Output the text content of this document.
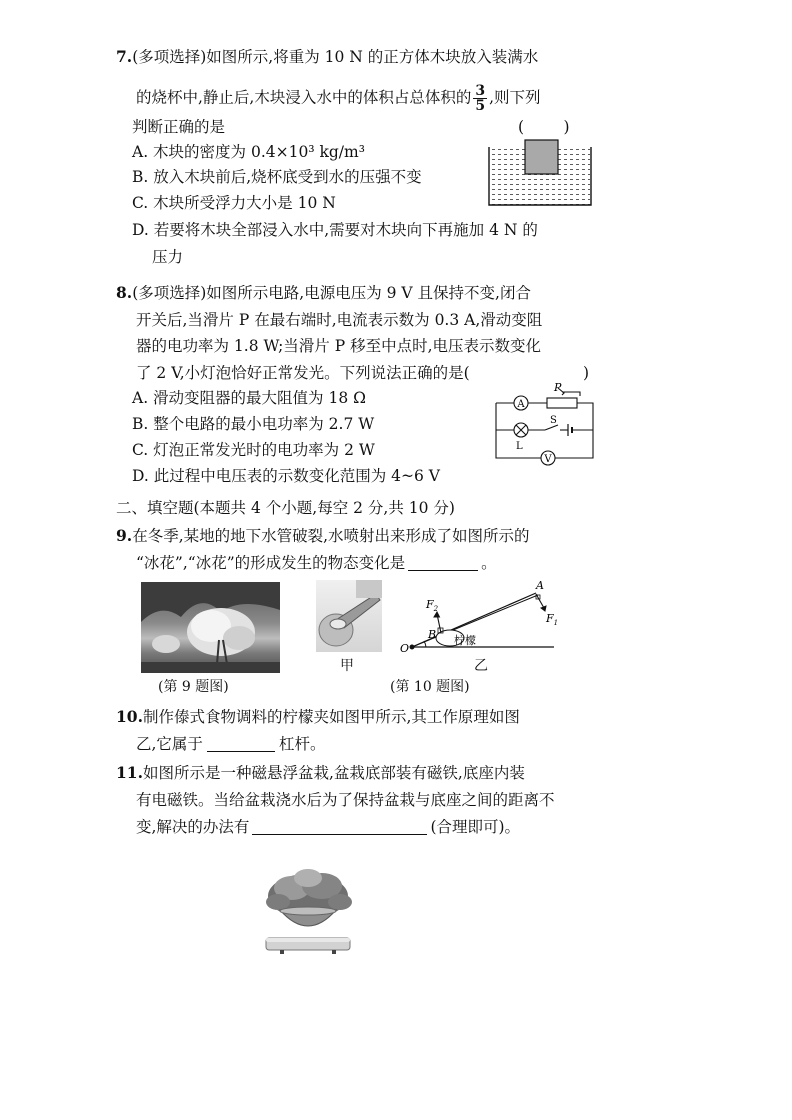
7.(多项选择)如图所示,将重为 10 N 的正方体木块放入装满水
的烧杯中,静止后,木块浸入水中的体积占总体积的 $\frac{3}{5}$ ,则下列
判断正确的是	(        )
A. 木块的密度为 0.4×10³ kg/m³
B. 放入木块前后,烧杯底受到水的压强不变
C. 木块所受浮力大小是 10 N
D. 若要将木块全部浸入水中,需要对木块向下再施加 4 N 的
压力
8.(多项选择)如图所示电路,电源电压为 9 V 且保持不变,闭合
开关后,当滑片 P 在最右端时,电流表示数为 0.3 A,滑动变阻
器的电功率为 1.8 W;当滑片 P 移至中点时,电压表示数变化
了 2 V,小灯泡恰好正常发光。下列说法正确的是(	)
A. 滑动变阻器的最大阻值为 18 Ω
B. 整个电路的最小电功率为 2.7 W
C. 灯泡正常发光时的电功率为 2 W
D. 此过程中电压表的示数变化范围为 4~6 V
A
V
P
S
L
二、填空题(本题共 4 个小题,每空 2 分,共 10 分)
9.在冬季,某地的地下水管破裂,水喷射出来形成了如图所示的
“冰花”,“冰花”的形成发生的物态变化是	。
(第 9 题图)
甲
O
A
B
$F_2$
$F_1$
柠檬
乙
(第 10 题图)
10.制作傣式食物调料的柠檬夹如图甲所示,其工作原理如图
乙,它属于	杠杆。
11.如图所示是一种磁悬浮盆栽,盆栽底部装有磁铁,底座内装
有电磁铁。当给盆栽浇水后为了保持盆栽与底座之间的距离不
变,解决的办法有	(合理即可)。
